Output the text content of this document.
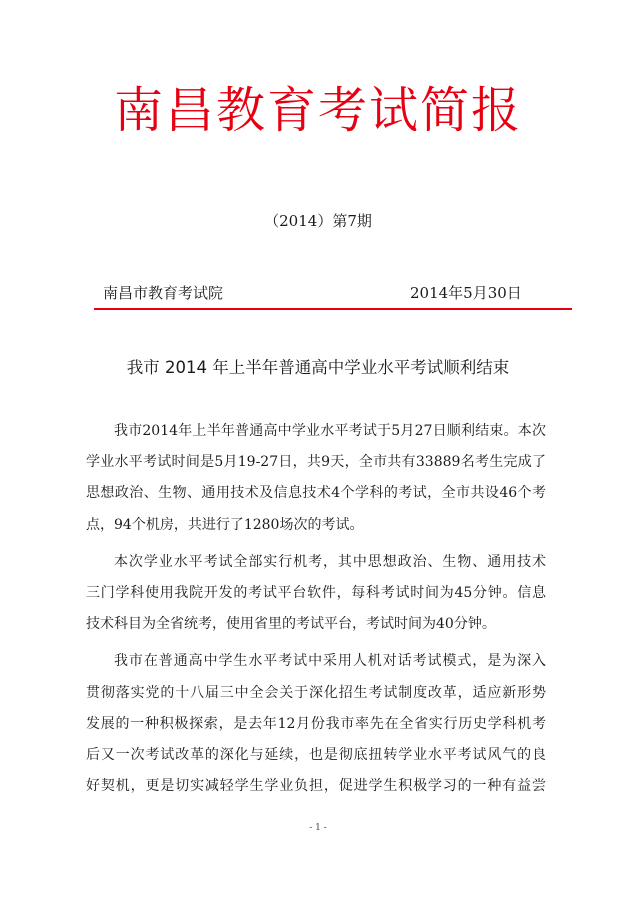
南昌教育考试简报
（2014）第7期
南昌市教育考试院	2014年5月30日
我市 2014 年上半年普通高中学业水平考试顺利结束

我市2014年上半年普通高中学业水平考试于5月27日顺利结束。本次
学业水平考试时间是5月19-27日，共9天，全市共有33889名考生完成了
思想政治、生物、通用技术及信息技术4个学科的考试，全市共设46个考
点，94个机房，共进行了1280场次的考试。

本次学业水平考试全部实行机考，其中思想政治、生物、通用技术
三门学科使用我院开发的考试平台软件，每科考试时间为45分钟。信息
技术科目为全省统考，使用省里的考试平台，考试时间为40分钟。

我市在普通高中学生水平考试中采用人机对话考试模式，是为深入
贯彻落实党的十八届三中全会关于深化招生考试制度改革，适应新形势
发展的一种积极探索，是去年12月份我市率先在全省实行历史学科机考
后又一次考试改革的深化与延续，也是彻底扭转学业水平考试风气的良
好契机，更是切实减轻学生学业负担，促进学生积极学习的一种有益尝

- 1 -
